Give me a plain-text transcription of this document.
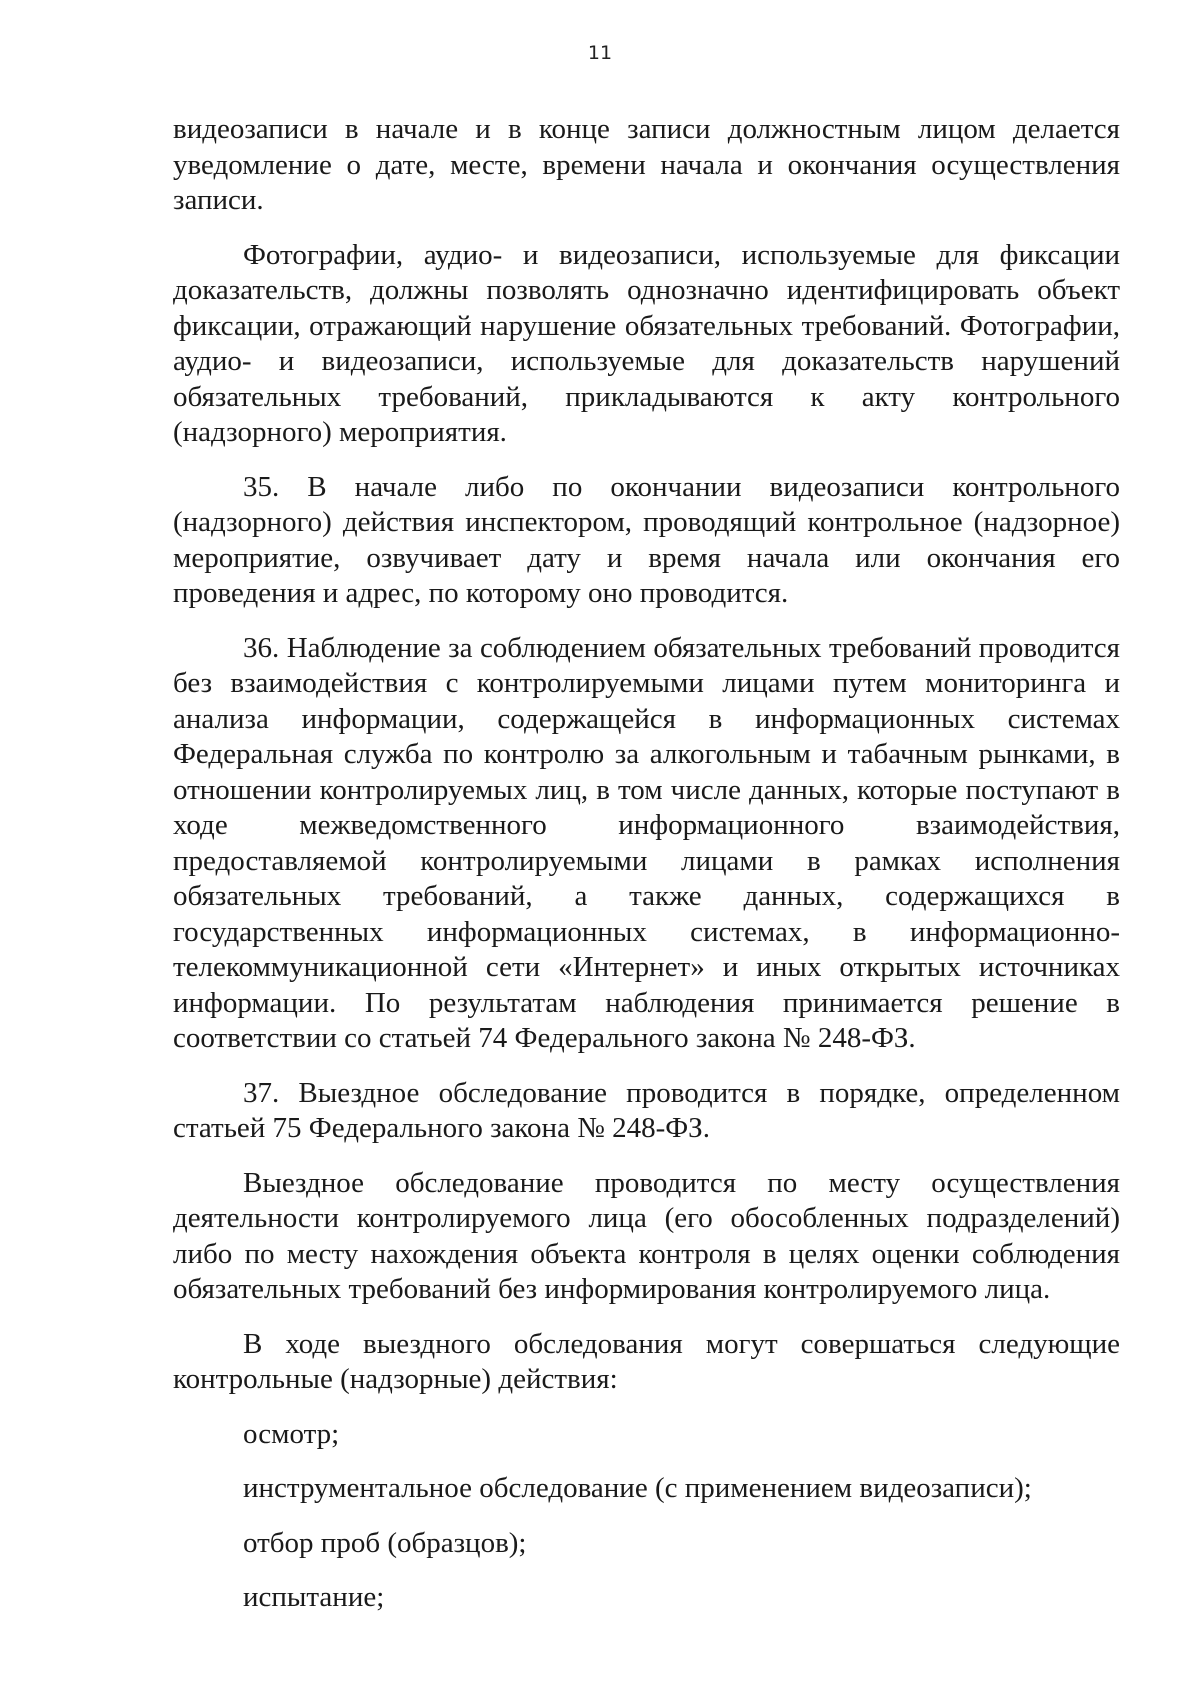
11

видеозаписи в начале и в конце записи должностным лицом делается уведомление о дате, месте, времени начала и окончания осуществления записи.

Фотографии, аудио- и видеозаписи, используемые для фиксации доказательств, должны позволять однозначно идентифицировать объект фиксации, отражающий нарушение обязательных требований. Фотографии, аудио- и видеозаписи, используемые для доказательств нарушений обязательных требований, прикладываются к акту контрольного (надзорного) мероприятия.

35. В начале либо по окончании видеозаписи контрольного (надзорного) действия инспектором, проводящий контрольное (надзорное) мероприятие, озвучивает дату и время начала или окончания его проведения и адрес, по которому оно проводится.

36. Наблюдение за соблюдением обязательных требований проводится без взаимодействия с контролируемыми лицами путем мониторинга и анализа информации, содержащейся в информационных системах Федеральная служба по контролю за алкогольным и табачным рынками, в отношении контролируемых лиц, в том числе данных, которые поступают в ходе межведомственного информационного взаимодействия, предоставляемой контролируемыми лицами в рамках исполнения обязательных требований, а также данных, содержащихся в государственных информационных системах, в информационно-телекоммуникационной сети «Интернет» и иных открытых источниках информации. По результатам наблюдения принимается решение в соответствии со статьей 74 Федерального закона № 248-ФЗ.

37. Выездное обследование проводится в порядке, определенном статьей 75 Федерального закона № 248-ФЗ.

Выездное обследование проводится по месту осуществления деятельности контролируемого лица (его обособленных подразделений) либо по месту нахождения объекта контроля в целях оценки соблюдения обязательных требований без информирования контролируемого лица.

В ходе выездного обследования могут совершаться следующие контрольные (надзорные) действия:

осмотр;
инструментальное обследование (с применением видеозаписи);
отбор проб (образцов);
испытание;
